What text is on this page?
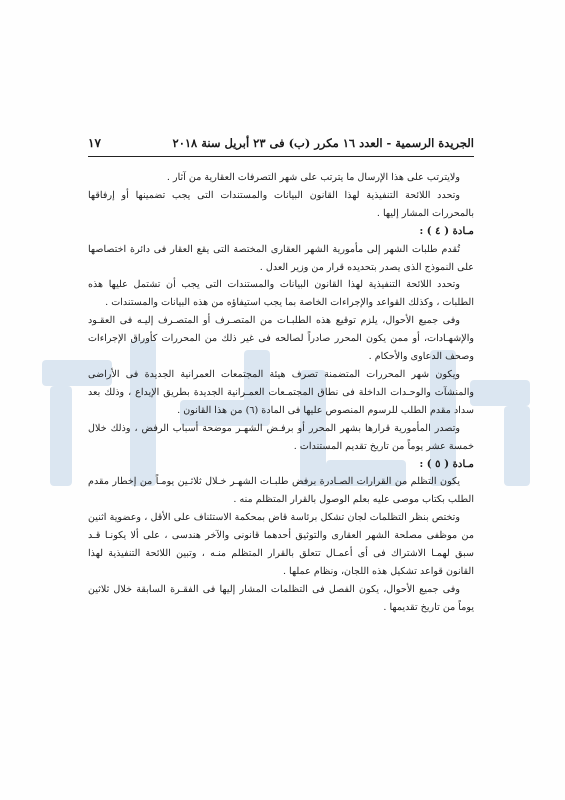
الجريدة الرسمية - العدد ١٦ مكرر (ب) فى ٢٣ أبريل سنة ٢٠١٨
١٧

ولايترتب على هذا الإرسال ما يترتب على شهر التصرفات العقارية من آثار .

وتحدد اللائحة التنفيذية لهذا القانون البيانات والمستندات التى يجب تضمينها أو إرفاقها بالمحررات المشار إليها .

مـادة ( ٤ ) :

تُقدم طلبات الشهر إلى مأمورية الشهر العقارى المختصة التى يقع العقار فى دائرة اختصاصها على النموذج الذى يصدر بتحديده قرار من وزير العدل .

وتحدد اللائحة التنفيذية لهذا القانون البيانات والمستندات التى يجب أن تشتمل عليها هذه الطلبات ، وكذلك القواعد والإجراءات الخاصة بما يجب استيفاؤه من هذه البيانات والمستندات .

وفى جميع الأحوال، يلزم توقيع هذه الطلبـات من المتصـرف أو المتصـرف إليـه فى العقـود والإشهـادات، أو ممن يكون المحرر صادراً لصالحه فى غير ذلك من المحررات كأوراق الإجراءات وصحف الدعاوى والأحكام .

ويكون شهر المحررات المتضمنة تصرف هيئة المجتمعات العمرانية الجديدة فى الأراضى والمنشآت والوحـدات الداخلة فى نطاق المجتمـعات العمـرانية الجديدة بطريق الإيداع ، وذلك بعد سداد مقدم الطلب للرسوم المنصوص عليها فى المادة (٦) من هذا القانون .

وتصدر المأمورية قرارها بشهر المحرر أو برفـض الشهـر موضحة أسباب الرفض ، وذلك خلال خمسة عشر يوماً من تاريخ تقديم المستندات .

مـادة ( ٥ ) :

يكون التظلم من القرارات الصـادرة برفض طلبـات الشهـر خـلال ثلاثـين يومـاً من إخطار مقدم الطلب بكتاب موصى عليه بعلم الوصول بالقرار المتظلم منه .

وتختص بنظر التظلمات لجان تشكل برئاسة قاض بمحكمة الاستئناف على الأقل ، وعضوية اثنين من موظفى مصلحة الشهر العقارى والتوثيق أحدهما قانونى والآخر هندسى ، على ألا يكونـا قـد سبق لهمـا الاشتراك فى أى أعمـال تتعلق بالقرار المتظلم منـه ، وتبين اللائحة التنفيذية لهذا القانون قواعد تشكيل هذه اللجان، ونظام عملها .

وفى جميع الأحوال، يكون الفصل فى التظلمات المشار إليها فى الفقـرة السابقة خلال ثلاثين يوماً من تاريخ تقديمها .
